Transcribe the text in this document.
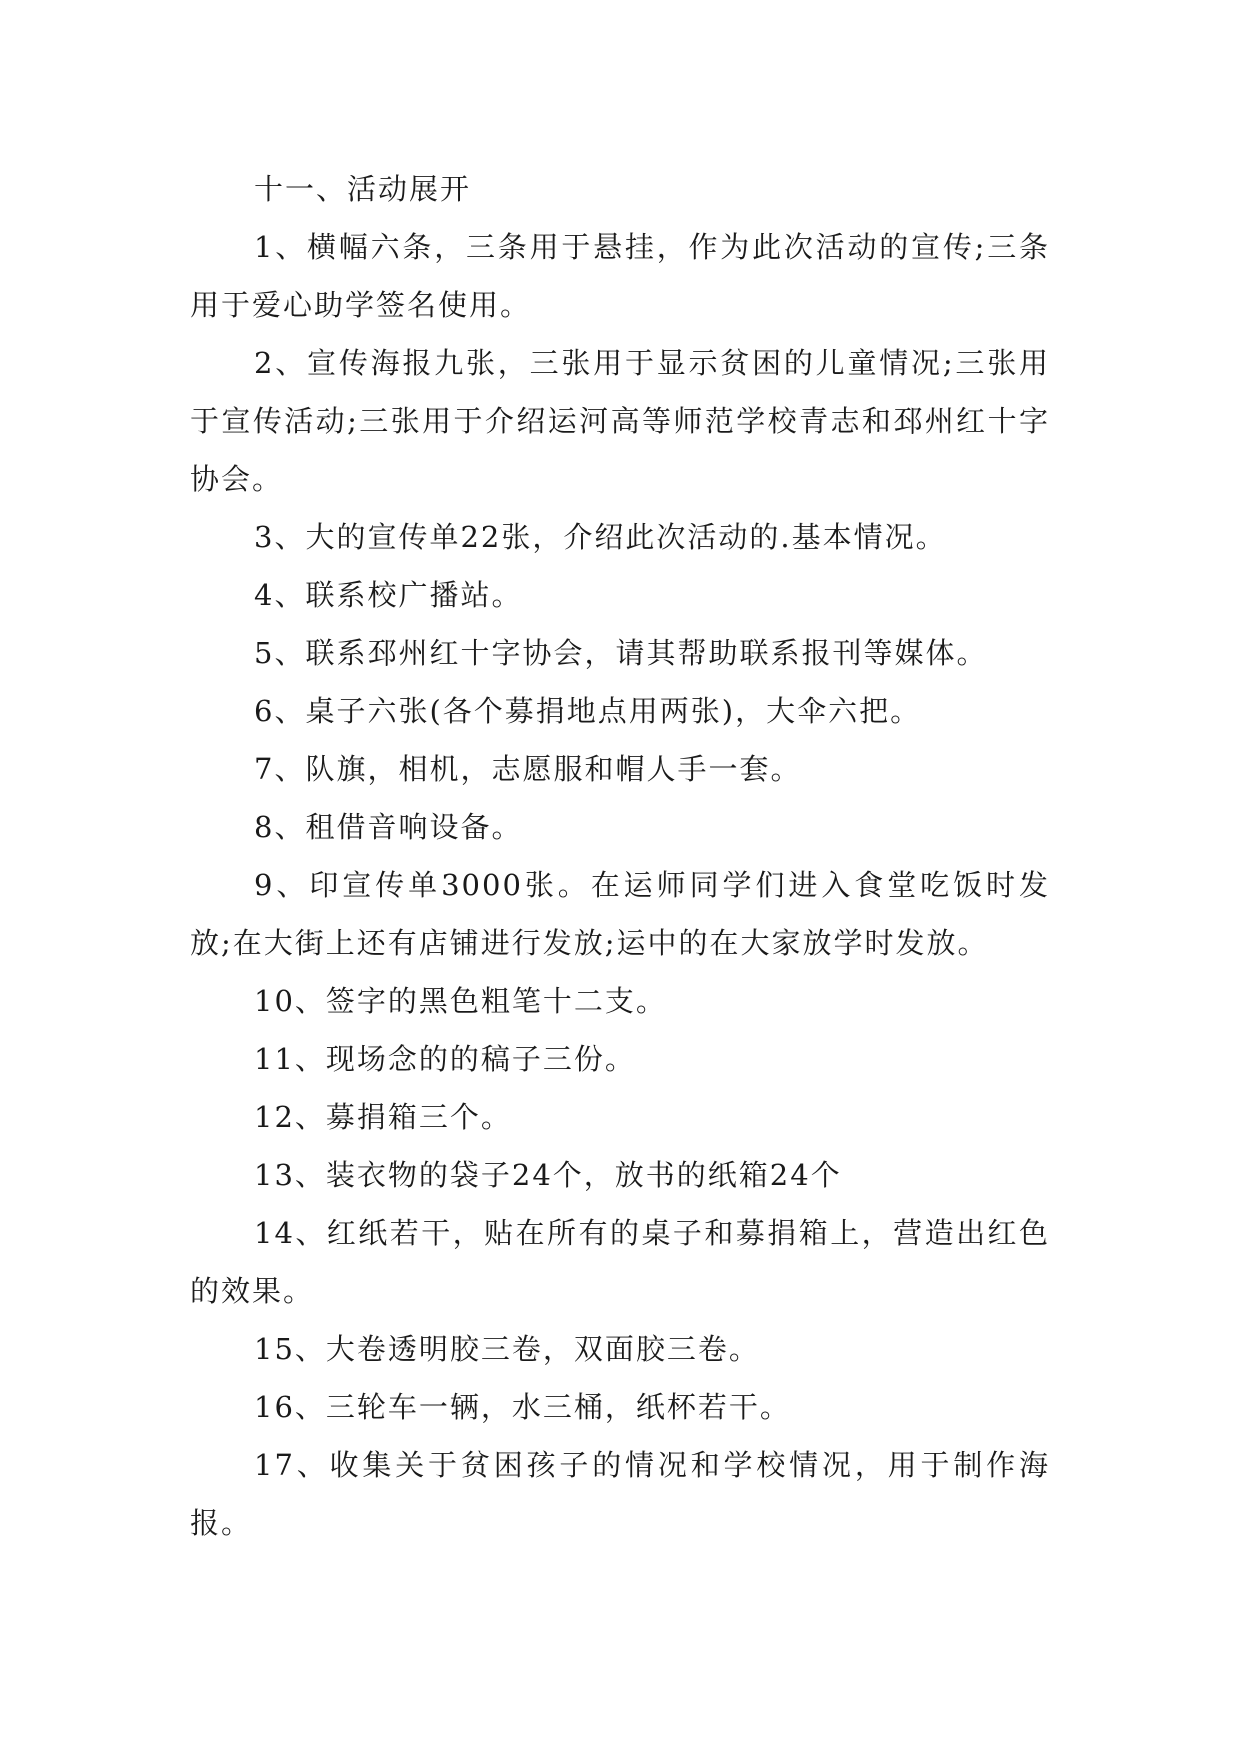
十一、活动展开

1、横幅六条，三条用于悬挂，作为此次活动的宣传;三条用于爱心助学签名使用。

2、宣传海报九张，三张用于显示贫困的儿童情况;三张用于宣传活动;三张用于介绍运河高等师范学校青志和邳州红十字协会。

3、大的宣传单22张，介绍此次活动的.基本情况。

4、联系校广播站。

5、联系邳州红十字协会，请其帮助联系报刊等媒体。

6、桌子六张(各个募捐地点用两张)，大伞六把。

7、队旗，相机，志愿服和帽人手一套。

8、租借音响设备。

9、印宣传单3000张。在运师同学们进入食堂吃饭时发放;在大街上还有店铺进行发放;运中的在大家放学时发放。

10、签字的黑色粗笔十二支。

11、现场念的的稿子三份。

12、募捐箱三个。

13、装衣物的袋子24个，放书的纸箱24个

14、红纸若干，贴在所有的桌子和募捐箱上，营造出红色的效果。

15、大卷透明胶三卷，双面胶三卷。

16、三轮车一辆，水三桶，纸杯若干。

17、收集关于贫困孩子的情况和学校情况，用于制作海报。
